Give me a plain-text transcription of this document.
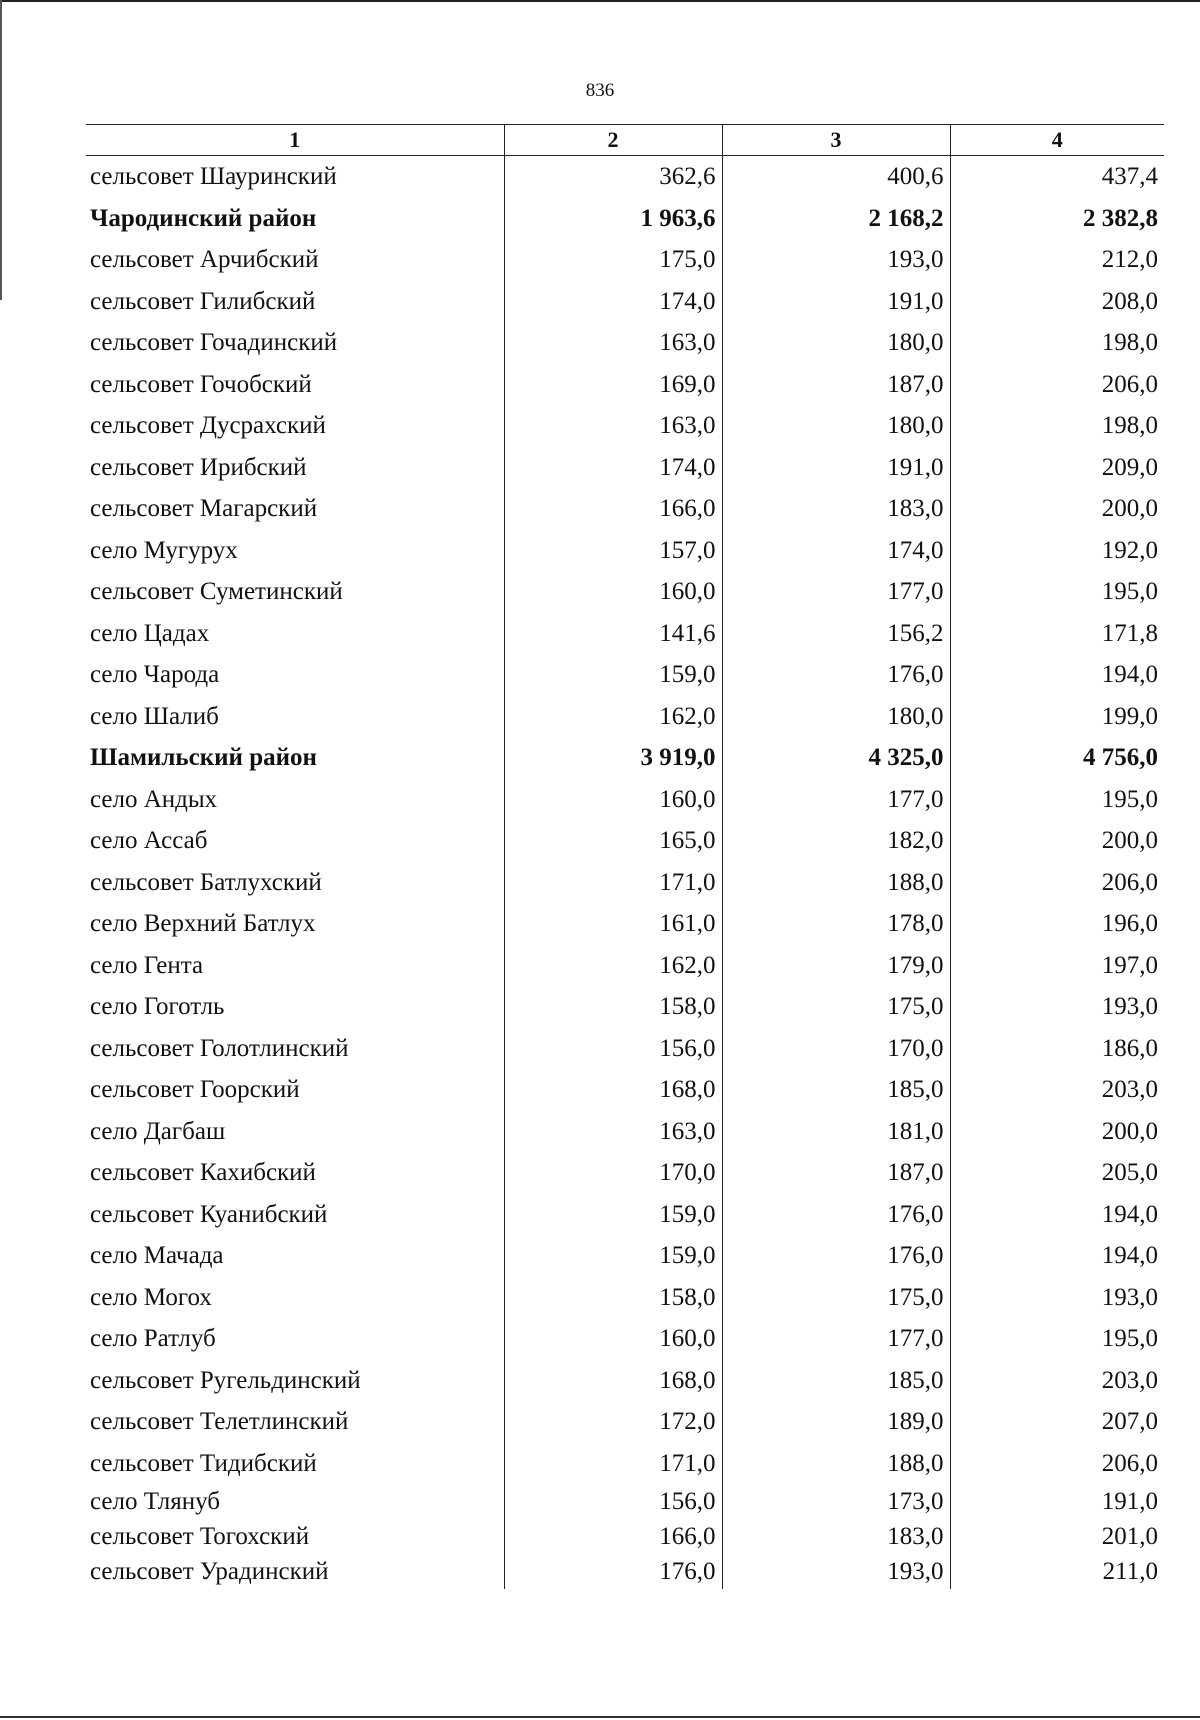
836
1	2	3	4
сельсовет Шауринский	362,6	400,6	437,4
Чародинский район	1 963,6	2 168,2	2 382,8
сельсовет Арчибский	175,0	193,0	212,0
сельсовет Гилибский	174,0	191,0	208,0
сельсовет Гочадинский	163,0	180,0	198,0
сельсовет Гочобский	169,0	187,0	206,0
сельсовет Дусрахский	163,0	180,0	198,0
сельсовет Ирибский	174,0	191,0	209,0
сельсовет Магарский	166,0	183,0	200,0
село Мугурух	157,0	174,0	192,0
сельсовет Суметинский	160,0	177,0	195,0
село Цадах	141,6	156,2	171,8
село Чарода	159,0	176,0	194,0
село Шалиб	162,0	180,0	199,0
Шамильский район	3 919,0	4 325,0	4 756,0
село Андых	160,0	177,0	195,0
село Ассаб	165,0	182,0	200,0
сельсовет Батлухский	171,0	188,0	206,0
село Верхний Батлух	161,0	178,0	196,0
село Гента	162,0	179,0	197,0
село Гоготль	158,0	175,0	193,0
сельсовет Голотлинский	156,0	170,0	186,0
сельсовет Гоорский	168,0	185,0	203,0
село Дагбаш	163,0	181,0	200,0
сельсовет Кахибский	170,0	187,0	205,0
сельсовет Куанибский	159,0	176,0	194,0
село Мачада	159,0	176,0	194,0
село Могох	158,0	175,0	193,0
село Ратлуб	160,0	177,0	195,0
сельсовет Ругельдинский	168,0	185,0	203,0
сельсовет Телетлинский	172,0	189,0	207,0
сельсовет Тидибский	171,0	188,0	206,0
село Тлянуб	156,0	173,0	191,0
сельсовет Тогохский	166,0	183,0	201,0
сельсовет Урадинский	176,0	193,0	211,0
